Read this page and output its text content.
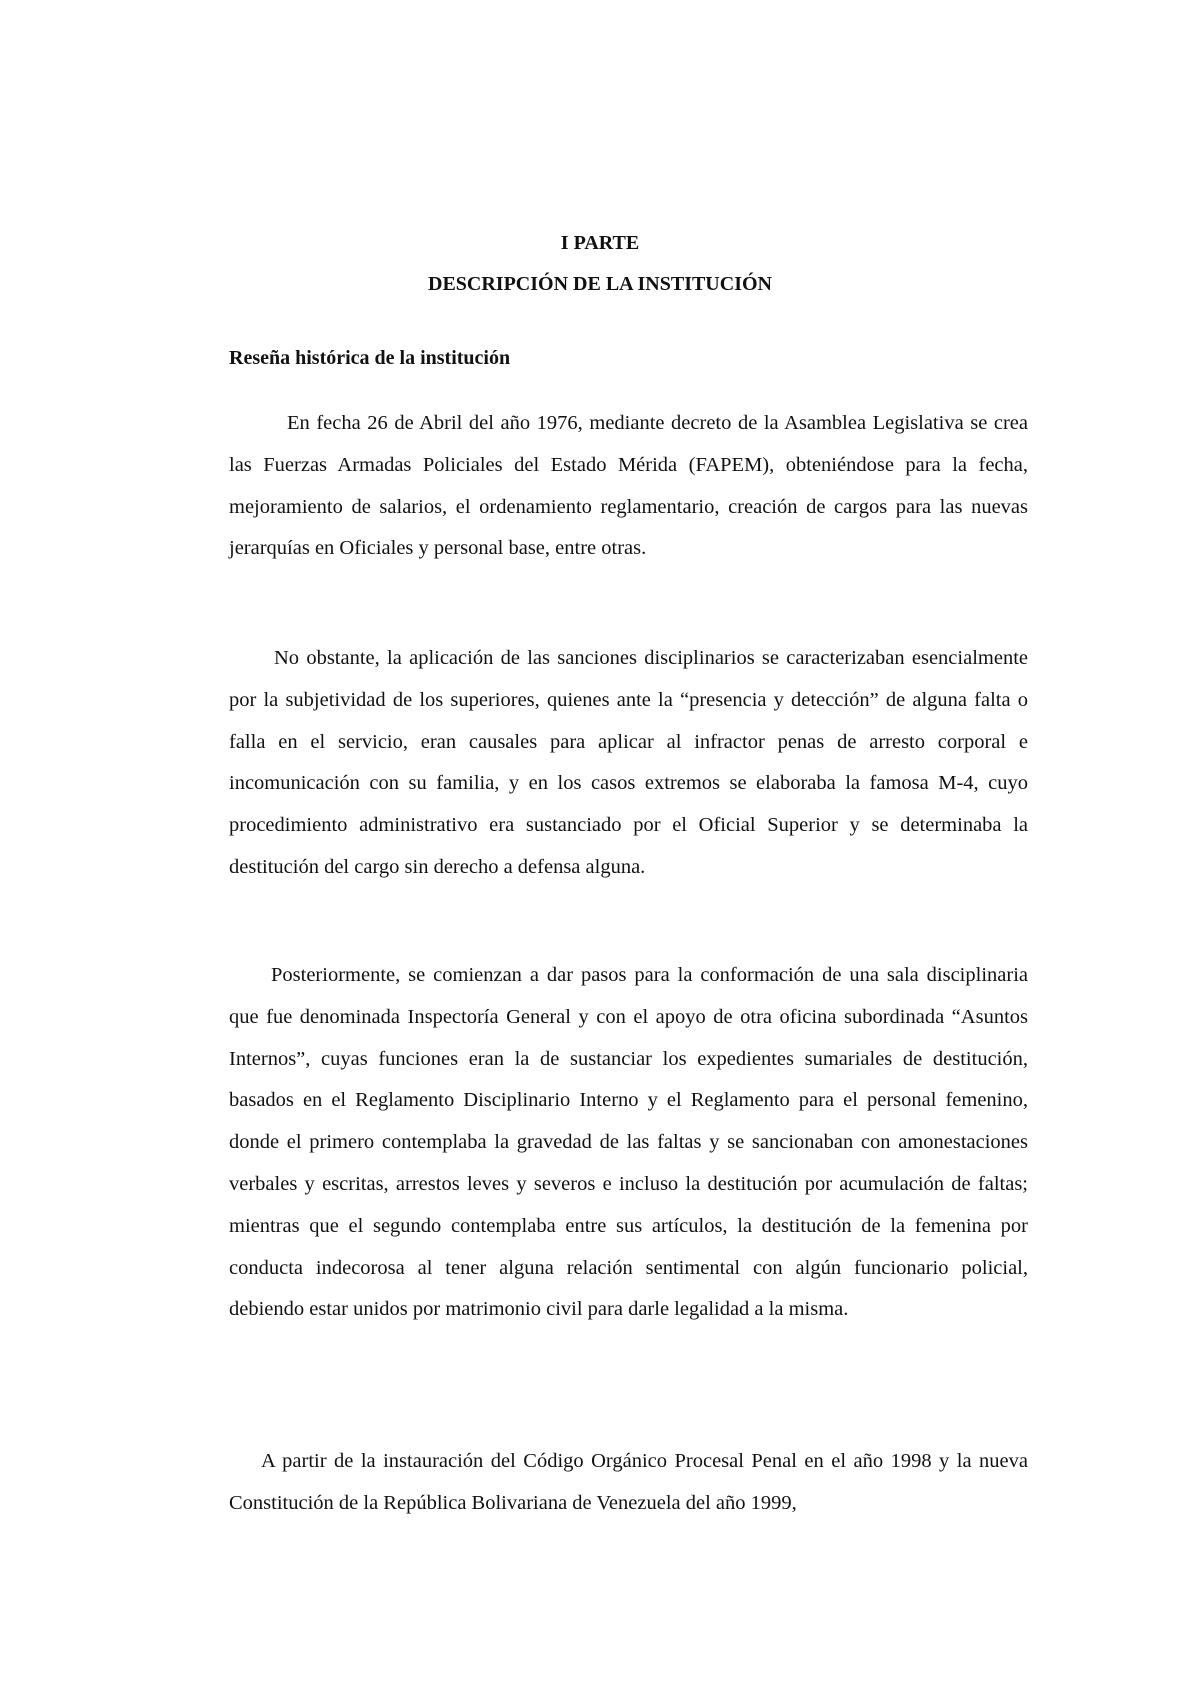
I PARTE
DESCRIPCIÓN DE LA INSTITUCIÓN
Reseña histórica de la institución

En fecha 26 de Abril del año 1976, mediante decreto de la Asamblea Legislativa se crea las Fuerzas Armadas Policiales del Estado Mérida (FAPEM), obteniéndose para la fecha, mejoramiento de salarios, el ordenamiento reglamentario, creación de cargos para las nuevas jerarquías en Oficiales y personal base, entre otras.

No obstante, la aplicación de las sanciones disciplinarios se caracterizaban esencialmente por la subjetividad de los superiores, quienes ante la “presencia y detección” de alguna falta o falla en el servicio, eran causales para aplicar al infractor penas de arresto corporal e incomunicación con su familia, y en los casos extremos se elaboraba la famosa M-4, cuyo procedimiento administrativo era sustanciado por el Oficial Superior y se determinaba la destitución del cargo sin derecho a defensa alguna.

Posteriormente, se comienzan a dar pasos para la conformación de una sala disciplinaria que fue denominada Inspectoría General y con el apoyo de otra oficina subordinada “Asuntos Internos”, cuyas funciones eran la de sustanciar los expedientes sumariales de destitución, basados en el Reglamento Disciplinario Interno y el Reglamento para el personal femenino, donde el primero contemplaba la gravedad de las faltas y se sancionaban con amonestaciones verbales y escritas, arrestos leves y severos e incluso la destitución por acumulación de faltas; mientras que el segundo contemplaba entre sus artículos, la destitución de la femenina por conducta indecorosa al tener alguna relación sentimental con algún funcionario policial, debiendo estar unidos por matrimonio civil para darle legalidad a la misma.

A partir de la instauración del Código Orgánico Procesal Penal en el año 1998 y la nueva Constitución de la República Bolivariana de Venezuela del año 1999,
